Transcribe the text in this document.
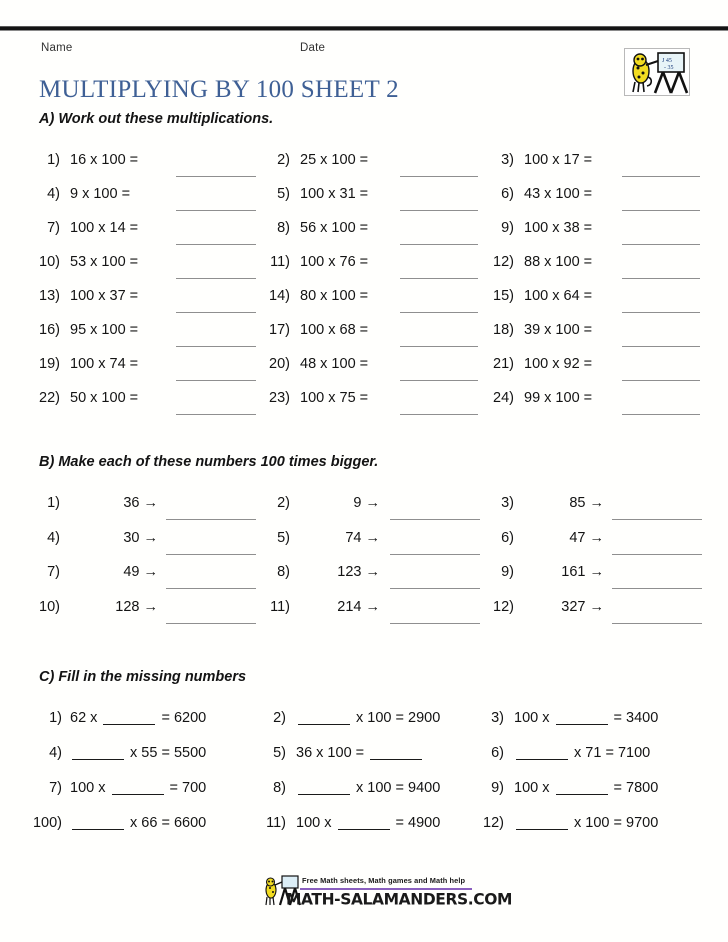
Name	Date
J 45
- 35
MULTIPLYING BY 100 SHEET 2
A) Work out these multiplications.
1) 16 x 100 =	2) 25 x 100 =	3) 100 x 17 =
4) 9 x 100 =	5) 100 x 31 =	6) 43 x 100 =
7) 100 x 14 =	8) 56 x 100 =	9) 100 x 38 =
10) 53 x 100 =	11) 100 x 76 =	12) 88 x 100 =
13) 100 x 37 =	14) 80 x 100 =	15) 100 x 64 =
16) 95 x 100 =	17) 100 x 68 =	18) 39 x 100 =
19) 100 x 74 =	20) 48 x 100 =	21) 100 x 92 =
22) 50 x 100 =	23) 100 x 75 =	24) 99 x 100 =
B) Make each of these numbers 100 times bigger.
1)	36 →	2)	9 →	3)	85 →
4)	30 →	5)	74 →	6)	47 →
7)	49 →	8)	123 →	9)	161 →
10)	128 →	11)	214 →	12)	327 →
C) Fill in the missing numbers
1) 62 x	= 6200	2)	x 100 = 2900	3) 100 x	= 3400
4)	x 55 = 5500	5) 36 x 100 =	6)	x 71 = 7100
7) 100 x	= 700	8)	x 100 = 9400	9) 100 x	= 7800
100)	x 66 = 6600	11) 100 x	= 4900	12)	x 100 = 9700
Free Math sheets, Math games and Math help
MATH-SALAMANDERS.COM
